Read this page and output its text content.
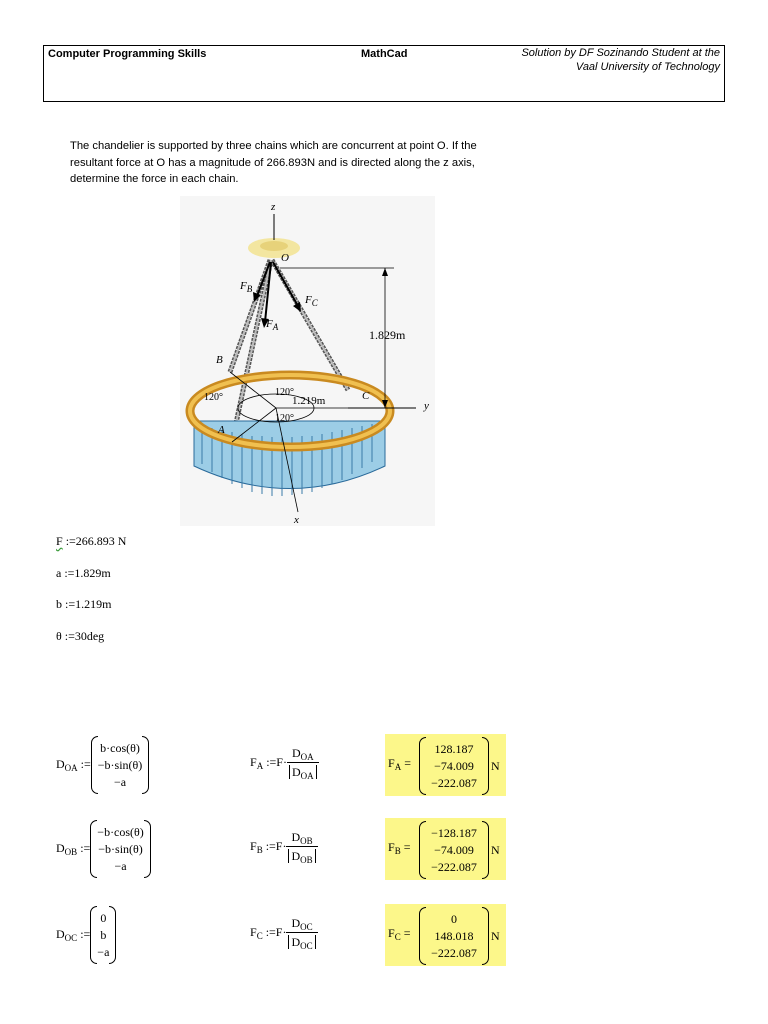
Computer Programming Skills	MathCad	Solution by DF Sozinando Student at the
Vaal University of Technology
The chandelier is supported by three chains which are concurrent at point O. If the
resultant force at O has a magnitude of 266.893N and is directed along the z axis,
determine the force in each chain.
z
O
$F_B$
$F_C$
$F_A$
1.829m
B
120°	120°
1.219m	C
y
120°
A
x
F :=266.893 N
a :=1.829m
b :=1.219m
θ :=30deg
$D_{OA}$ :=
b·cos(θ)
−b·sin(θ)
−a
$F_A$ :=F· $\frac{D_{OA}}{D_{OA}}$	$F_A$ =
128.187
−74.009
−222.087
N
$D_{OB}$ :=
−b·cos(θ)
−b·sin(θ)
−a
$F_B$ :=F· $\frac{D_{OB}}{D_{OB}}$	$F_B$ =
−128.187
−74.009
−222.087
N
$D_{OC}$ :=
0
b
−a
$F_C$ :=F· $\frac{D_{OC}}{D_{OC}}$	$F_C$ =
0
148.018
−222.087
N
